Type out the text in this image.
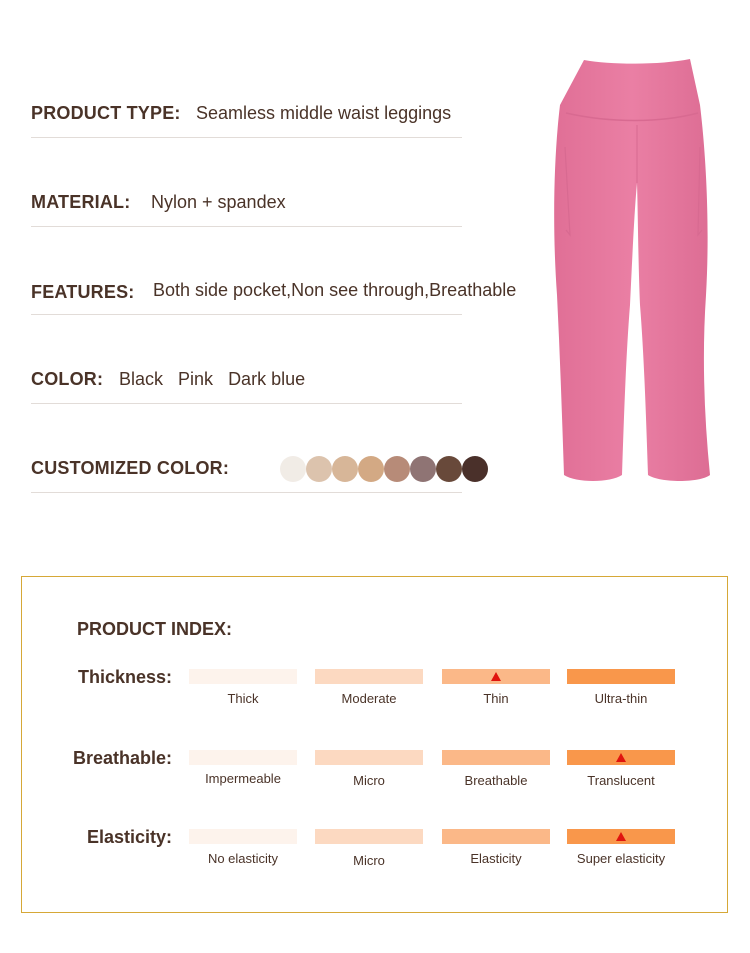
PRODUCT TYPE: Seamless middle waist leggings
MATERIAL: Nylon + spandex
FEATURES: Both side pocket,Non see through,Breathable
COLOR: Black Pink Dark blue
CUSTOMIZED COLOR:
PRODUCT INDEX:
Thickness:
Thick	Moderate	Thin	Ultra-thin
Breathable:
Impermeable	Micro	Breathable	Translucent
Elasticity:
No elasticity	Micro	Elasticity	Super elasticity
